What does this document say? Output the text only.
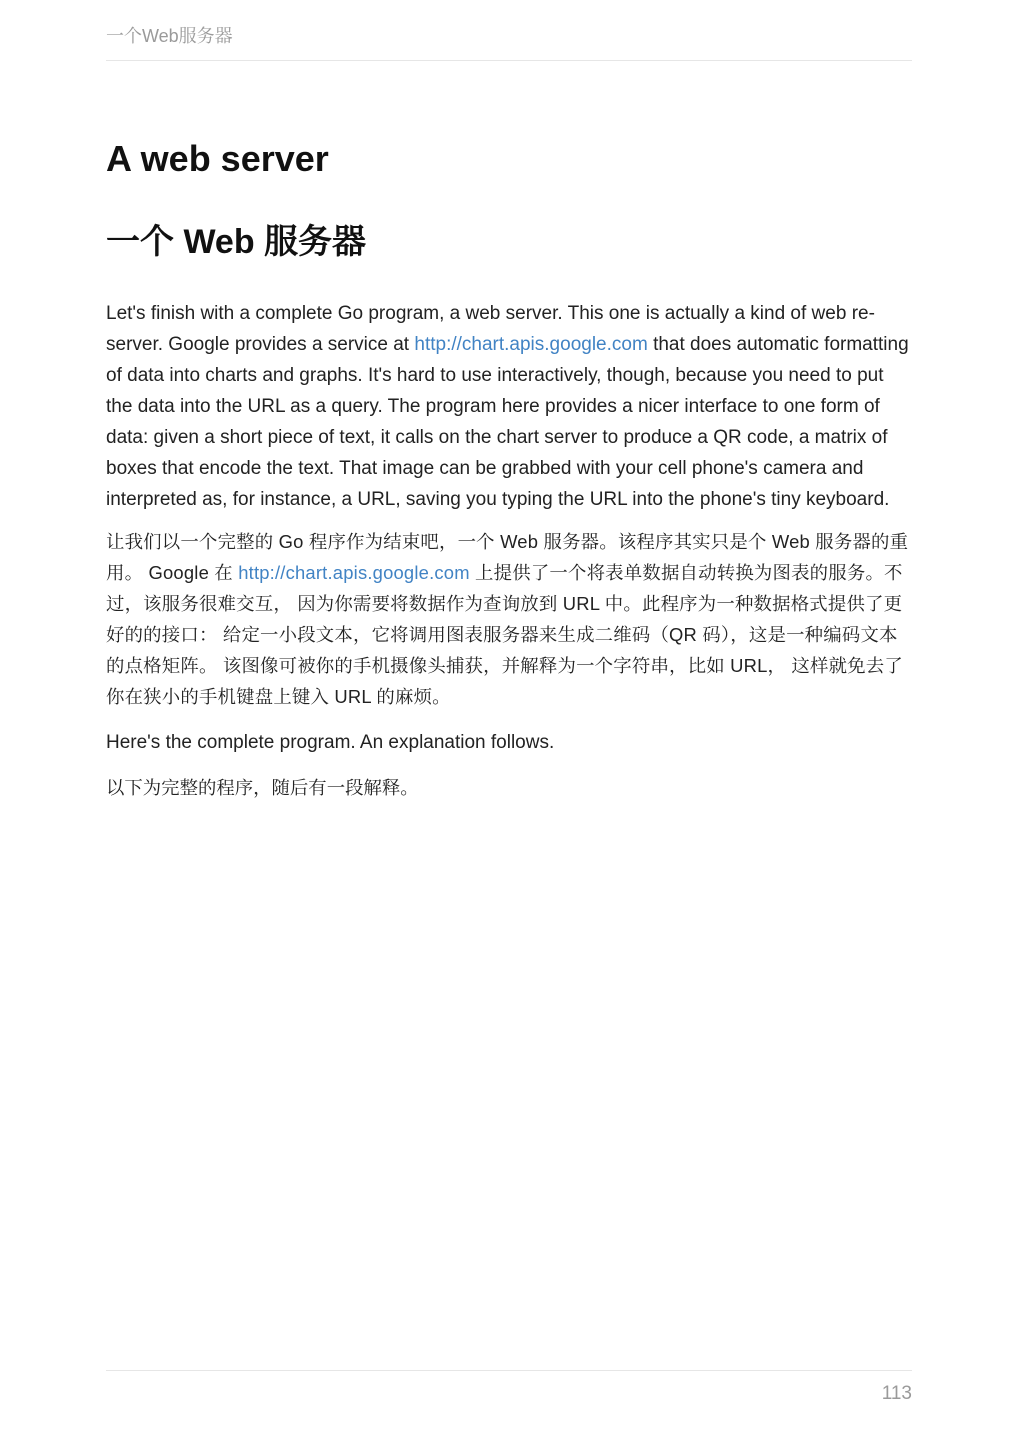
一个Web服务器
A web server
一个 Web 服务器

Let's finish with a complete Go program, a web server. This one is actually a kind of web re-server. Google provides a service at http://chart.apis.google.com that does automatic formatting of data into charts and graphs. It's hard to use interactively, though, because you need to put the data into the URL as a query. The program here provides a nicer interface to one form of data: given a short piece of text, it calls on the chart server to produce a QR code, a matrix of boxes that encode the text. That image can be grabbed with your cell phone's camera and interpreted as, for instance, a URL, saving you typing the URL into the phone's tiny keyboard.

让我们以一个完整的 Go 程序作为结束吧，一个 Web 服务器。该程序其实只是个 Web 服务器的重用。 Google 在 http://chart.apis.google.com 上提供了一个将表单数据自动转换为图表的服务。不过，该服务很难交互， 因为你需要将数据作为查询放到 URL 中。此程序为一种数据格式提供了更好的的接口： 给定一小段文本，它将调用图表服务器来生成二维码（QR 码），这是一种编码文本的点格矩阵。 该图像可被你的手机摄像头捕获，并解释为一个字符串，比如 URL， 这样就免去了你在狭小的手机键盘上键入 URL 的麻烦。

Here's the complete program. An explanation follows.

以下为完整的程序，随后有一段解释。

113
